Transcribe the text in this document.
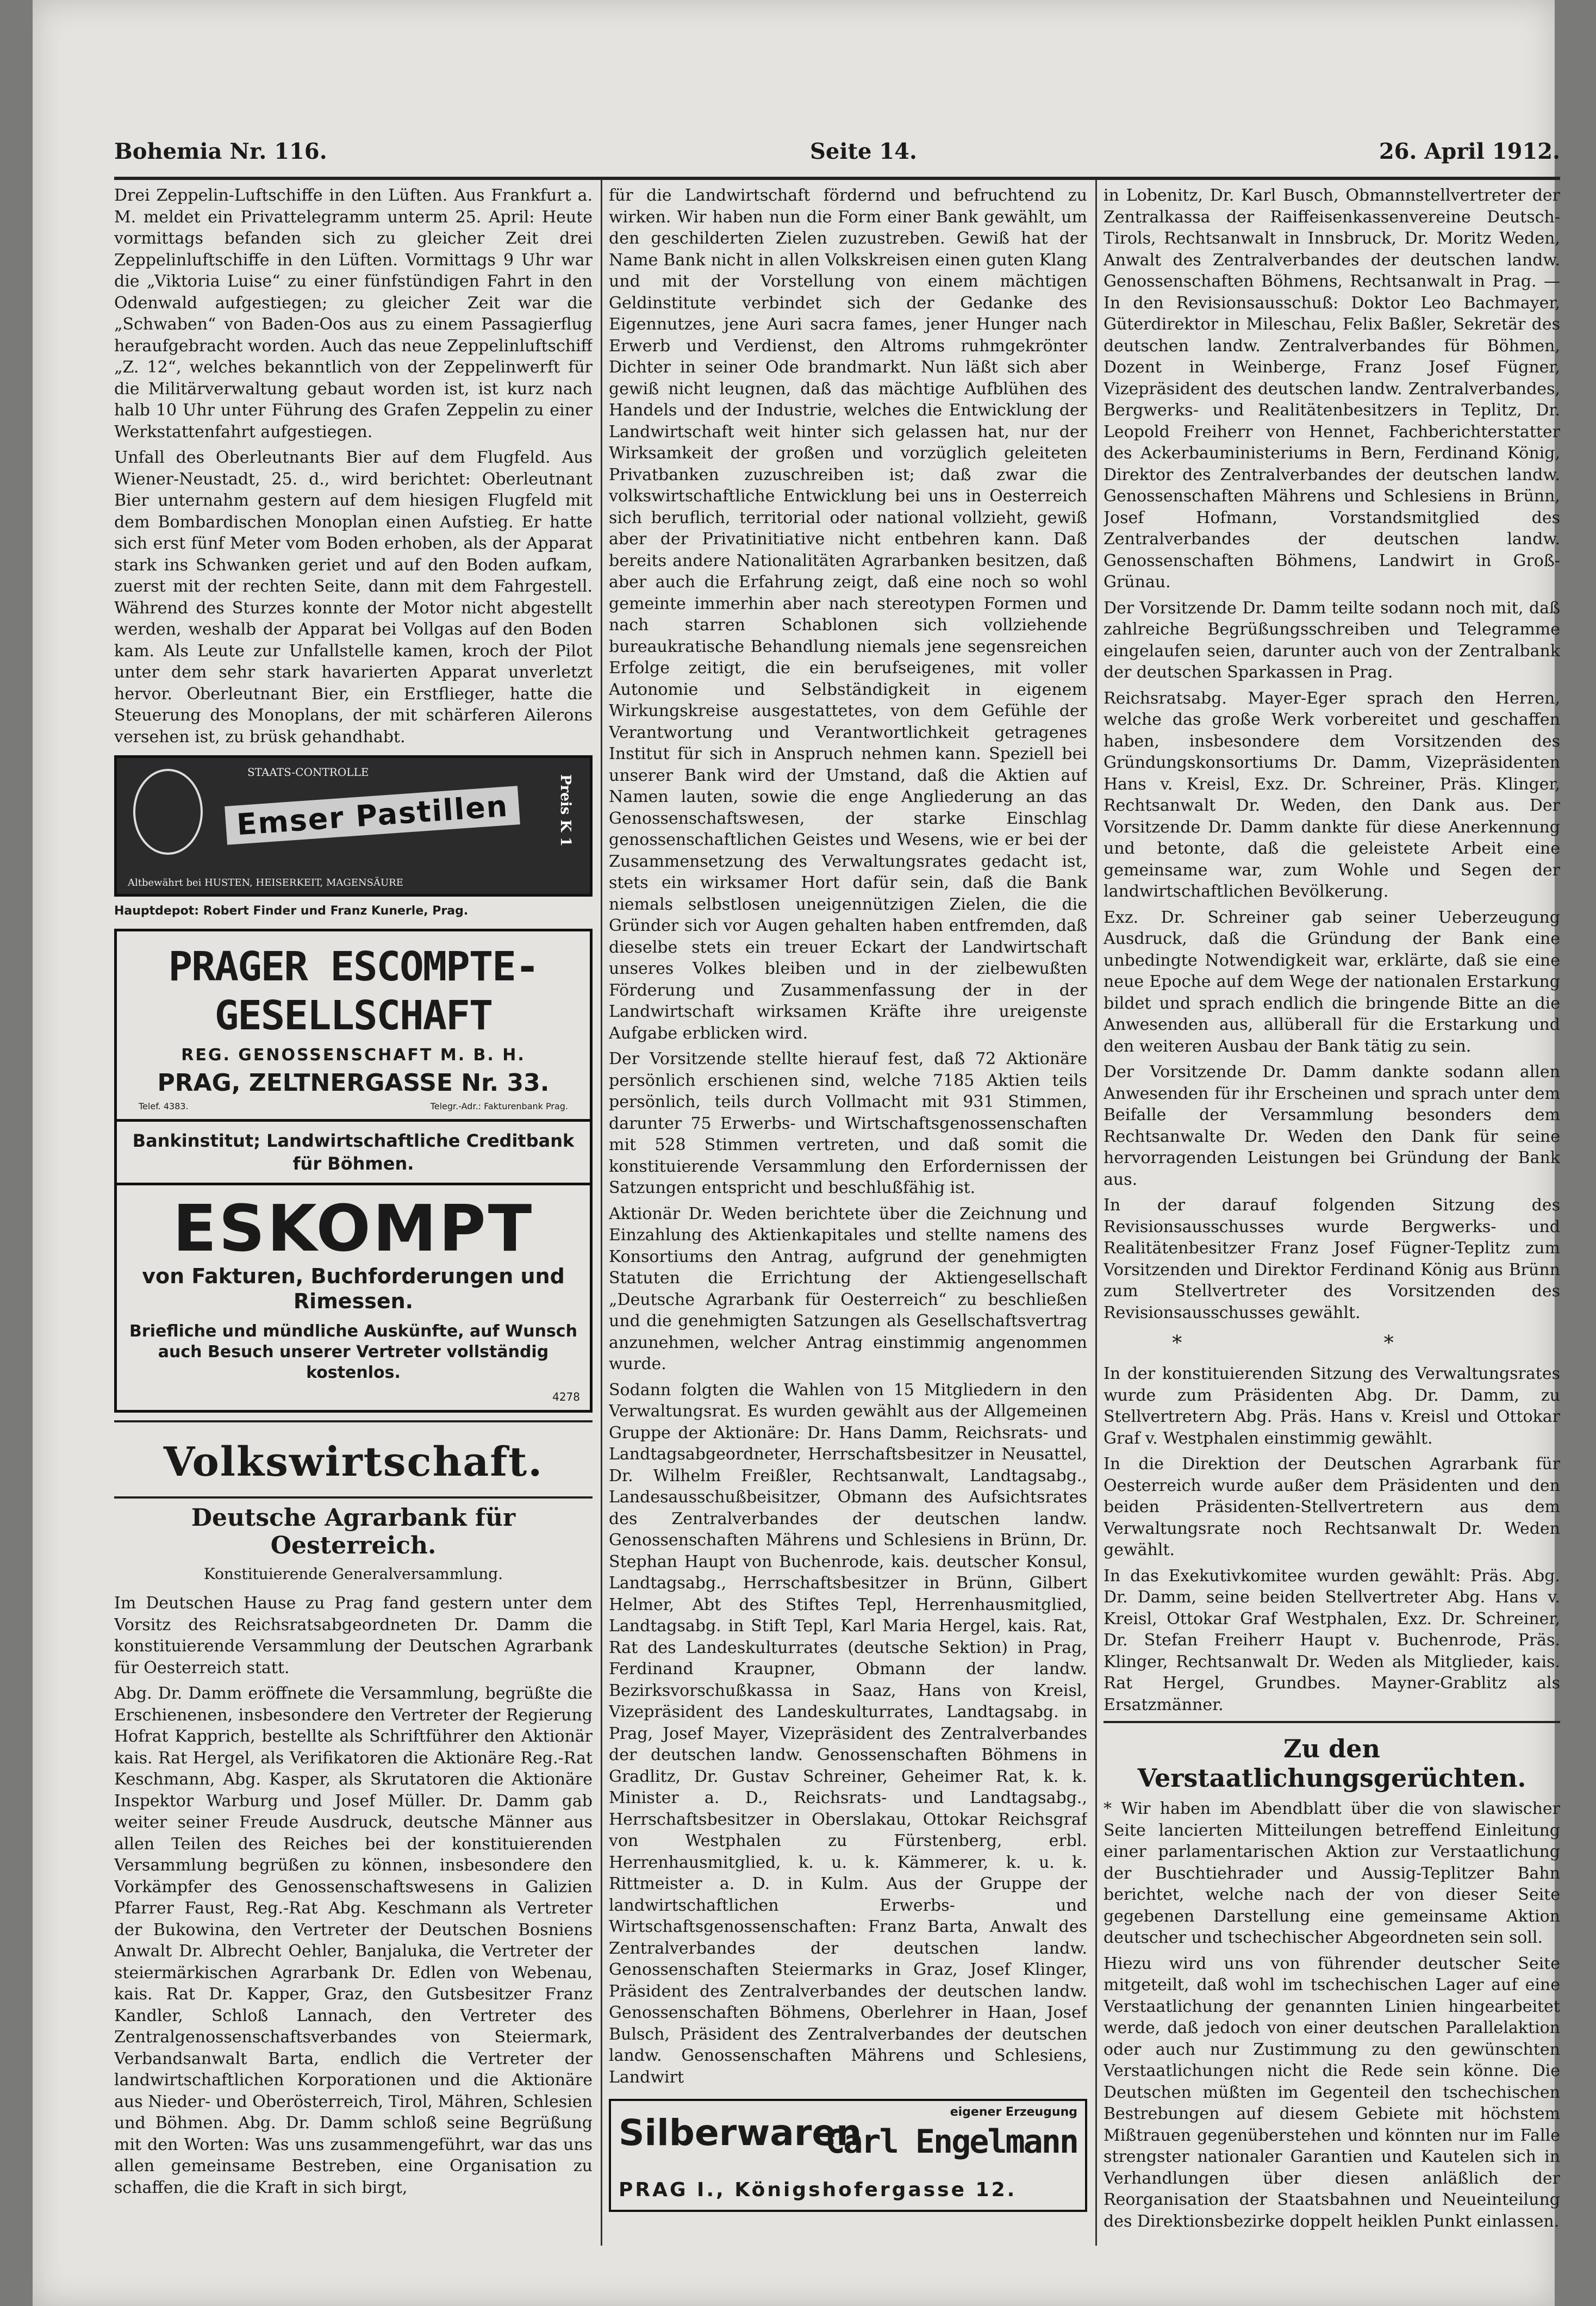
Bohemia Nr. 116.	Seite 14.	26. April 1912.

Drei Zeppelin-Luftschiffe in den Lüften. Aus Frankfurt a. M. meldet ein Privattelegramm unterm 25. April: Heute vormittags befanden sich zu gleicher Zeit drei Zeppelinluftschiffe in den Lüften. Vormittags 9 Uhr war die „Viktoria Luise“ zu einer fünfstündigen Fahrt in den Odenwald aufgestiegen; zu gleicher Zeit war die „Schwaben“ von Baden-Oos aus zu einem Passagierflug heraufgebracht worden. Auch das neue Zeppelinluftschiff „Z. 12“, welches bekanntlich von der Zeppelinwerft für die Militärverwaltung gebaut worden ist, ist kurz nach halb 10 Uhr unter Führung des Grafen Zeppelin zu einer Werkstattenfahrt aufgestiegen.

Unfall des Oberleutnants Bier auf dem Flugfeld. Aus Wiener-Neustadt, 25. d., wird berichtet: Oberleutnant Bier unternahm gestern auf dem hiesigen Flugfeld mit dem Bombardischen Monoplan einen Aufstieg. Er hatte sich erst fünf Meter vom Boden erhoben, als der Apparat stark ins Schwanken geriet und auf den Boden aufkam, zuerst mit der rechten Seite, dann mit dem Fahrgestell. Während des Sturzes konnte der Motor nicht abgestellt werden, weshalb der Apparat bei Vollgas auf den Boden kam. Als Leute zur Unfallstelle kamen, kroch der Pilot unter dem sehr stark havarierten Apparat unverletzt hervor. Oberleutnant Bier, ein Erstflieger, hatte die Steuerung des Monoplans, der mit schärferen Ailerons versehen ist, zu brüsk gehandhabt.

STAATS-CONTROLLE
Emser Pastillen	Preis K 1
Altbewährt bei HUSTEN, HEISERKEIT, MAGENSÄURE
Hauptdepot: Robert Finder und Franz Kunerle, Prag.
PRAGER ESCOMPTE-
GESELLSCHAFT
REG. GENOSSENSCHAFT M. B. H.
PRAG, ZELTNERGASSE Nr. 33.
Telef. 4383.	Telegr.-Adr.: Fakturenbank Prag.
Bankinstitut; Landwirtschaftliche Creditbank für Böhmen.
ESKOMPT
von Fakturen, Buchforderungen und Rimessen.
Briefliche und mündliche Auskünfte, auf Wunsch auch Besuch unserer Vertreter vollständig kostenlos.
4278
Volkswirtschaft.
Deutsche Agrarbank für Oesterreich.
Konstituierende Generalversammlung.

Im Deutschen Hause zu Prag fand gestern unter dem Vorsitz des Reichsratsabgeordneten Dr. Damm die konstituierende Versammlung der Deutschen Agrarbank für Oesterreich statt.

Abg. Dr. Damm eröffnete die Versammlung, begrüßte die Erschienenen, insbesondere den Vertreter der Regierung Hofrat Kapprich, bestellte als Schriftführer den Aktionär kais. Rat Hergel, als Verifikatoren die Aktionäre Reg.-Rat Keschmann, Abg. Kasper, als Skrutatoren die Aktionäre Inspektor Warburg und Josef Müller. Dr. Damm gab weiter seiner Freude Ausdruck, deutsche Männer aus allen Teilen des Reiches bei der konstituierenden Versammlung begrüßen zu können, insbesondere den Vorkämpfer des Genossenschaftswesens in Galizien Pfarrer Faust, Reg.-Rat Abg. Keschmann als Vertreter der Bukowina, den Vertreter der Deutschen Bosniens Anwalt Dr. Albrecht Oehler, Banjaluka, die Vertreter der steiermärkischen Agrarbank Dr. Edlen von Webenau, kais. Rat Dr. Kapper, Graz, den Gutsbesitzer Franz Kandler, Schloß Lannach, den Vertreter des Zentralgenossenschaftsverbandes von Steiermark, Verbandsanwalt Barta, endlich die Vertreter der landwirtschaftlichen Korporationen und die Aktionäre aus Nieder- und Oberösterreich, Tirol, Mähren, Schlesien und Böhmen. Abg. Dr. Damm schloß seine Begrüßung mit den Worten: Was uns zusammengeführt, war das uns allen gemeinsame Bestreben, eine Organisation zu schaffen, die die Kraft in sich birgt,

für die Landwirtschaft fördernd und befruchtend zu wirken. Wir haben nun die Form einer Bank gewählt, um den geschilderten Zielen zuzustreben. Gewiß hat der Name Bank nicht in allen Volkskreisen einen guten Klang und mit der Vorstellung von einem mächtigen Geldinstitute verbindet sich der Gedanke des Eigennutzes, jene Auri sacra fames, jener Hunger nach Erwerb und Verdienst, den Altroms ruhmgekrönter Dichter in seiner Ode brandmarkt. Nun läßt sich aber gewiß nicht leugnen, daß das mächtige Aufblühen des Handels und der Industrie, welches die Entwicklung der Landwirtschaft weit hinter sich gelassen hat, nur der Wirksamkeit der großen und vorzüglich geleiteten Privatbanken zuzuschreiben ist; daß zwar die volkswirtschaftliche Entwicklung bei uns in Oesterreich sich beruflich, territorial oder national vollzieht, gewiß aber der Privatinitiative nicht entbehren kann. Daß bereits andere Nationalitäten Agrarbanken besitzen, daß aber auch die Erfahrung zeigt, daß eine noch so wohl gemeinte immerhin aber nach stereotypen Formen und nach starren Schablonen sich vollziehende bureaukratische Behandlung niemals jene segensreichen Erfolge zeitigt, die ein berufseigenes, mit voller Autonomie und Selbständigkeit in eigenem Wirkungskreise ausgestattetes, von dem Gefühle der Verantwortung und Verantwortlichkeit getragenes Institut für sich in Anspruch nehmen kann. Speziell bei unserer Bank wird der Umstand, daß die Aktien auf Namen lauten, sowie die enge Angliederung an das Genossenschaftswesen, der starke Einschlag genossenschaftlichen Geistes und Wesens, wie er bei der Zusammensetzung des Verwaltungsrates gedacht ist, stets ein wirksamer Hort dafür sein, daß die Bank niemals selbstlosen uneigennützigen Zielen, die die Gründer sich vor Augen gehalten haben entfremden, daß dieselbe stets ein treuer Eckart der Landwirtschaft unseres Volkes bleiben und in der zielbewußten Förderung und Zusammenfassung der in der Landwirtschaft wirksamen Kräfte ihre ureigenste Aufgabe erblicken wird.

Der Vorsitzende stellte hierauf fest, daß 72 Aktionäre persönlich erschienen sind, welche 7185 Aktien teils persönlich, teils durch Vollmacht mit 931 Stimmen, darunter 75 Erwerbs- und Wirtschaftsgenossenschaften mit 528 Stimmen vertreten, und daß somit die konstituierende Versammlung den Erfordernissen der Satzungen entspricht und beschlußfähig ist.

Aktionär Dr. Weden berichtete über die Zeichnung und Einzahlung des Aktienkapitales und stellte namens des Konsortiums den Antrag, aufgrund der genehmigten Statuten die Errichtung der Aktiengesellschaft „Deutsche Agrarbank für Oesterreich“ zu beschließen und die genehmigten Satzungen als Gesellschaftsvertrag anzunehmen, welcher Antrag einstimmig angenommen wurde.

Sodann folgten die Wahlen von 15 Mitgliedern in den Verwaltungsrat. Es wurden gewählt aus der Allgemeinen Gruppe der Aktionäre: Dr. Hans Damm, Reichsrats- und Landtagsabgeordneter, Herrschaftsbesitzer in Neusattel, Dr. Wilhelm Freißler, Rechtsanwalt, Landtagsabg., Landesausschußbeisitzer, Obmann des Aufsichtsrates des Zentralverbandes der deutschen landw. Genossenschaften Mährens und Schlesiens in Brünn, Dr. Stephan Haupt von Buchenrode, kais. deutscher Konsul, Landtagsabg., Herrschaftsbesitzer in Brünn, Gilbert Helmer, Abt des Stiftes Tepl, Herrenhausmitglied, Landtagsabg. in Stift Tepl, Karl Maria Hergel, kais. Rat, Rat des Landeskulturrates (deutsche Sektion) in Prag, Ferdinand Kraupner, Obmann der landw. Bezirksvorschußkassa in Saaz, Hans von Kreisl, Vizepräsident des Landeskulturrates, Landtagsabg. in Prag, Josef Mayer, Vizepräsident des Zentralverbandes der deutschen landw. Genossenschaften Böhmens in Gradlitz, Dr. Gustav Schreiner, Geheimer Rat, k. k. Minister a. D., Reichsrats- und Landtagsabg., Herrschaftsbesitzer in Oberslakau, Ottokar Reichsgraf von Westphalen zu Fürstenberg, erbl. Herrenhausmitglied, k. u. k. Kämmerer, k. u. k. Rittmeister a. D. in Kulm. Aus der Gruppe der landwirtschaftlichen Erwerbs- und Wirtschaftsgenossenschaften: Franz Barta, Anwalt des Zentralverbandes der deutschen landw. Genossenschaften Steiermarks in Graz, Josef Klinger, Präsident des Zentralverbandes der deutschen landw. Genossenschaften Böhmens, Oberlehrer in Haan, Josef Bulsch, Präsident des Zentralverbandes der deutschen landw. Genossenschaften Mährens und Schlesiens, Landwirt

Silberwaren	eigener Erzeugung
Carl Engelmann
PRAG I., Königshofergasse 12.

in Lobenitz, Dr. Karl Busch, Obmannstellvertreter der Zentralkassa der Raiffeisenkassenvereine Deutsch-Tirols, Rechtsanwalt in Innsbruck, Dr. Moritz Weden, Anwalt des Zentralverbandes der deutschen landw. Genossenschaften Böhmens, Rechtsanwalt in Prag. — In den Revisionsausschuß: Doktor Leo Bachmayer, Güterdirektor in Mileschau, Felix Baßler, Sekretär des deutschen landw. Zentralverbandes für Böhmen, Dozent in Weinberge, Franz Josef Fügner, Vizepräsident des deutschen landw. Zentralverbandes, Bergwerks- und Realitätenbesitzers in Teplitz, Dr. Leopold Freiherr von Hennet, Fachberichterstatter des Ackerbauministeriums in Bern, Ferdinand König, Direktor des Zentralverbandes der deutschen landw. Genossenschaften Mährens und Schlesiens in Brünn, Josef Hofmann, Vorstandsmitglied des Zentralverbandes der deutschen landw. Genossenschaften Böhmens, Landwirt in Groß-Grünau.

Der Vorsitzende Dr. Damm teilte sodann noch mit, daß zahlreiche Begrüßungsschreiben und Telegramme eingelaufen seien, darunter auch von der Zentralbank der deutschen Sparkassen in Prag.

Reichsratsabg. Mayer-Eger sprach den Herren, welche das große Werk vorbereitet und geschaffen haben, insbesondere dem Vorsitzenden des Gründungskonsortiums Dr. Damm, Vizepräsidenten Hans v. Kreisl, Exz. Dr. Schreiner, Präs. Klinger, Rechtsanwalt Dr. Weden, den Dank aus. Der Vorsitzende Dr. Damm dankte für diese Anerkennung und betonte, daß die geleistete Arbeit eine gemeinsame war, zum Wohle und Segen der landwirtschaftlichen Bevölkerung.

Exz. Dr. Schreiner gab seiner Ueberzeugung Ausdruck, daß die Gründung der Bank eine unbedingte Notwendigkeit war, erklärte, daß sie eine neue Epoche auf dem Wege der nationalen Erstarkung bildet und sprach endlich die bringende Bitte an die Anwesenden aus, allüberall für die Erstarkung und den weiteren Ausbau der Bank tätig zu sein.

Der Vorsitzende Dr. Damm dankte sodann allen Anwesenden für ihr Erscheinen und sprach unter dem Beifalle der Versammlung besonders dem Rechtsanwalte Dr. Weden den Dank für seine hervorragenden Leistungen bei Gründung der Bank aus.

In der darauf folgenden Sitzung des Revisionsausschusses wurde Bergwerks- und Realitätenbesitzer Franz Josef Fügner-Teplitz zum Vorsitzenden und Direktor Ferdinand König aus Brünn zum Stellvertreter des Vorsitzenden des Revisionsausschusses gewählt.

* *

In der konstituierenden Sitzung des Verwaltungsrates wurde zum Präsidenten Abg. Dr. Damm, zu Stellvertretern Abg. Präs. Hans v. Kreisl und Ottokar Graf v. Westphalen einstimmig gewählt.

In die Direktion der Deutschen Agrarbank für Oesterreich wurde außer dem Präsidenten und den beiden Präsidenten-Stellvertretern aus dem Verwaltungsrate noch Rechtsanwalt Dr. Weden gewählt.

In das Exekutivkomitee wurden gewählt: Präs. Abg. Dr. Damm, seine beiden Stellvertreter Abg. Hans v. Kreisl, Ottokar Graf Westphalen, Exz. Dr. Schreiner, Dr. Stefan Freiherr Haupt v. Buchenrode, Präs. Klinger, Rechtsanwalt Dr. Weden als Mitglieder, kais. Rat Hergel, Grundbes. Mayner-Grablitz als Ersatzmänner.

Zu den Verstaatlichungsgerüchten.

* Wir haben im Abendblatt über die von slawischer Seite lancierten Mitteilungen betreffend Einleitung einer parlamentarischen Aktion zur Verstaatlichung der Buschtiehrader und Aussig-Teplitzer Bahn berichtet, welche nach der von dieser Seite gegebenen Darstellung eine gemeinsame Aktion deutscher und tschechischer Abgeordneten sein soll.

Hiezu wird uns von führender deutscher Seite mitgeteilt, daß wohl im tschechischen Lager auf eine Verstaatlichung der genannten Linien hingearbeitet werde, daß jedoch von einer deutschen Parallelaktion oder auch nur Zustimmung zu den gewünschten Verstaatlichungen nicht die Rede sein könne. Die Deutschen müßten im Gegenteil den tschechischen Bestrebungen auf diesem Gebiete mit höchstem Mißtrauen gegenüberstehen und könnten nur im Falle strengster nationaler Garantien und Kautelen sich in Verhandlungen über diesen anläßlich der Reorganisation der Staatsbahnen und Neueinteilung des Direktionsbezirke doppelt heiklen Punkt einlassen.
